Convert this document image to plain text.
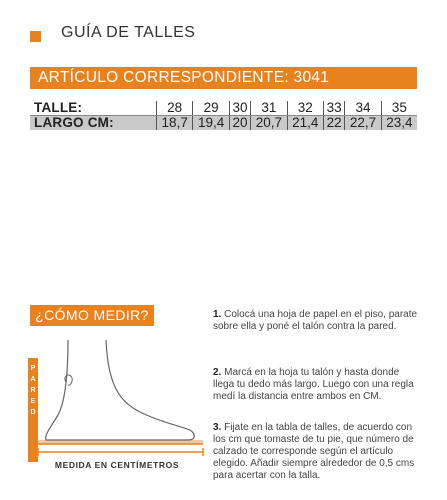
GUÍA DE TALLES
ARTÍCULO CORRESPONDIENTE: 3041
TALLE:	28	29	30	31	32	33	34	35
LARGO CM:	18,7	19,4	20	20,7	21,4	22	22,7	23,4
¿CÓMO MEDIR?
P
A
R
E
D
MEDIDA EN CENTÍMETROS

1. Colocá una hoja de papel en el piso, parate sobre ella y poné el talón contra la pared.

2. Marcá en la hoja tu talón y hasta donde llega tu dedo más largo. Luego con una regla medí la distancia entre ambos en CM.

3. Fijate en la tabla de talles, de acuerdo con los cm que tomaste de tu pie, que número de calzado te corresponde según el artículo elegido. Añadir siempre alrededor de 0,5 cms para acertar con la talla.
